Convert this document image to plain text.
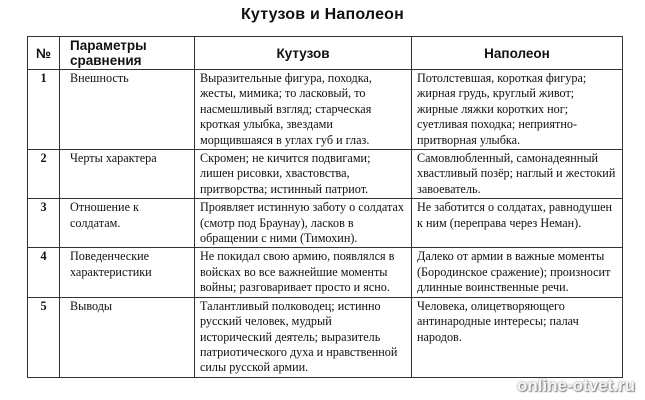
Кутузов и Наполеон
№	Параметры сравнения	Кутузов	Наполеон
1	Внешность	Выразительные фигура, походка, жесты, мимика; то ласковый, то насмешливый взгляд; старческая кроткая улыбка, звездами морщившаяся в углах губ и глаз.	Потолстевшая, короткая фигура; жирная грудь, круглый живот; жирные ляжки коротких ног; суетливая походка; неприятно-притворная улыбка.
2	Черты характера	Скромен; не кичится подвигами; лишен рисовки, хвастовства, притворства; истинный патриот.	Самовлюбленный, самонадеянный хвастливый позёр; наглый и жестокий завоеватель.
3	Отношение к солдатам.	Проявляет истинную заботу о солдатах (смотр под Браунау), ласков в обращении с ними (Тимохин).	Не заботится о солдатах, равнодушен к ним (переправа через Неман).
4	Поведенческие характеристики	Не покидал свою армию, появлялся в войсках во все важнейшие моменты войны; разговаривает просто и ясно.	Далеко от армии в важные моменты (Бородинское сражение); произносит длинные воинственные речи.
5	Выводы	Талантливый полководец; истинно русский человек, мудрый исторический деятель; выразитель патриотического духа и нравственной силы русской армии.	Человека, олицетворяющего антинародные интересы; палач народов.
online-otvet.ru
